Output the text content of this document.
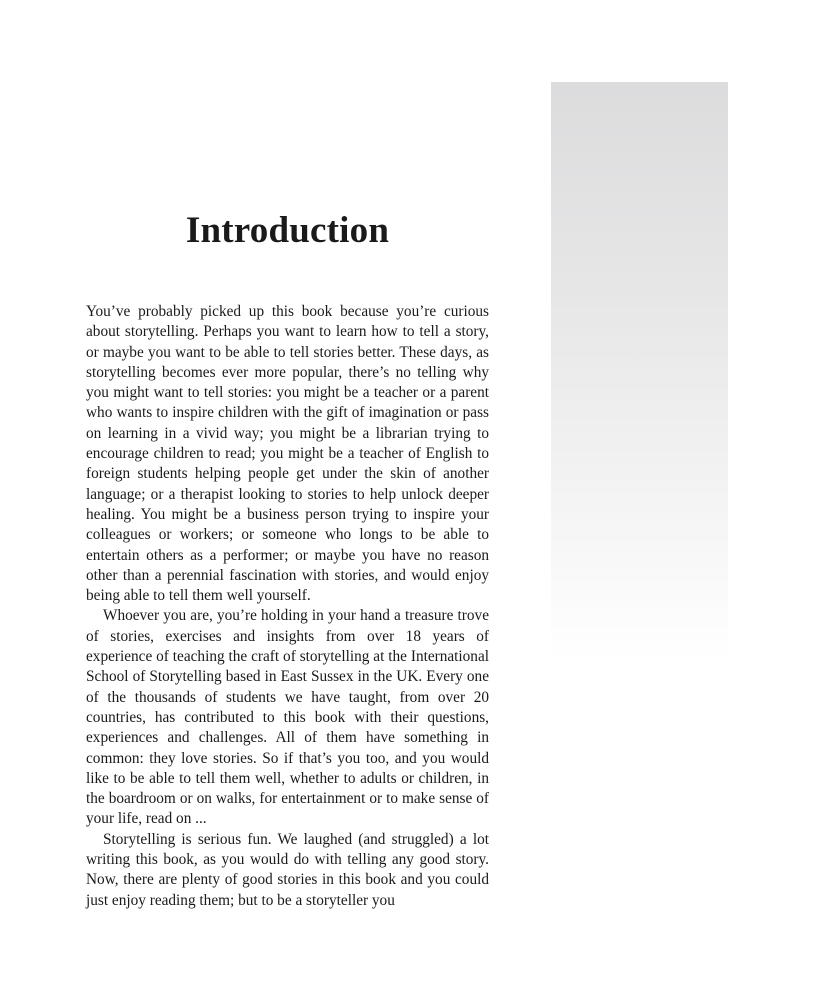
Introduction

You’ve probably picked up this book because you’re curious about storytelling. Perhaps you want to learn how to tell a story, or maybe you want to be able to tell stories better. These days, as storytelling becomes ever more popular, there’s no telling why you might want to tell stories: you might be a teacher or a parent who wants to inspire children with the gift of imagination or pass on learning in a vivid way; you might be a librarian trying to encourage children to read; you might be a teacher of English to foreign students helping people get under the skin of another language; or a therapist looking to stories to help unlock deeper healing. You might be a business person trying to inspire your colleagues or workers; or someone who longs to be able to entertain others as a performer; or maybe you have no reason other than a perennial fascination with stories, and would enjoy being able to tell them well yourself.

Whoever you are, you’re holding in your hand a treasure trove of stories, exercises and insights from over 18 years of experience of teaching the craft of storytelling at the International School of Storytelling based in East Sussex in the UK. Every one of the thousands of students we have taught, from over 20 countries, has contributed to this book with their questions, experiences and challenges. All of them have something in common: they love stories. So if that’s you too, and you would like to be able to tell them well, whether to adults or children, in the boardroom or on walks, for entertainment or to make sense of your life, read on ...

Storytelling is serious fun. We laughed (and struggled) a lot writing this book, as you would do with telling any good story. Now, there are plenty of good stories in this book and you could just enjoy reading them; but to be a storyteller you
